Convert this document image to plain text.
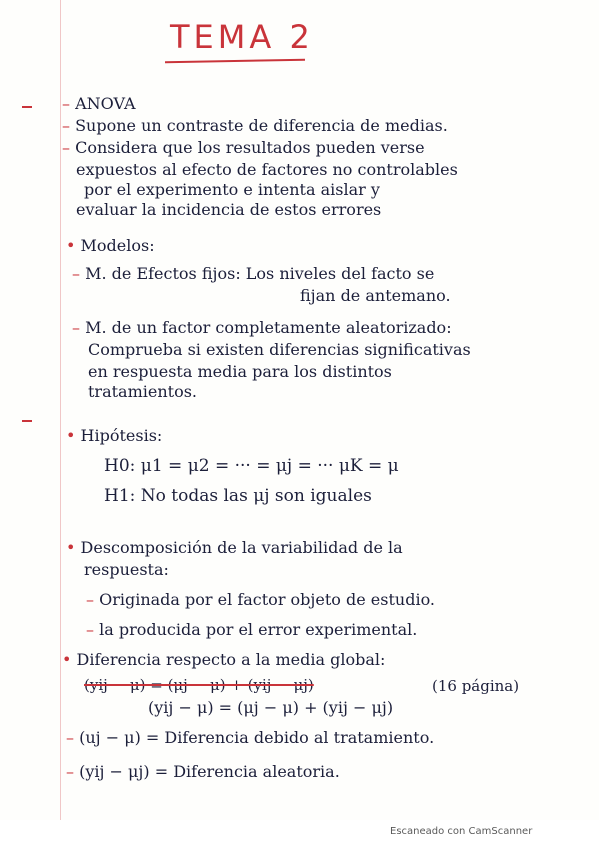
TEMA 2
– ANOVA
– Supone un contraste de diferencia de medias.
– Considera que los resultados pueden verse
expuestos al efecto de factores no controlables
por el experimento e intenta aislar y
evaluar la incidencia de estos errores
• Modelos:
– M. de Efectos fijos: Los niveles del facto se
fijan de antemano.
– M. de un factor completamente aleatorizado:
Comprueba si existen diferencias significativas
en respuesta media para los distintos
tratamientos.
• Hipótesis:
H0: μ1 = μ2 = ··· = μj = ··· μK = μ
H1: No todas las μj son iguales
• Descomposición de la variabilidad de la
respuesta:
– Originada por el factor objeto de estudio.
– la producida por el error experimental.
• Diferencia respecto a la media global:
(yij − μ) = (μj − μ) + (yij − μj)	(16 página)
(yij − μ) = (μj − μ) + (yij − μj)
– (uj − μ) = Diferencia debido al tratamiento.
– (yij − μj) = Diferencia aleatoria.
Escaneado con CamScanner
